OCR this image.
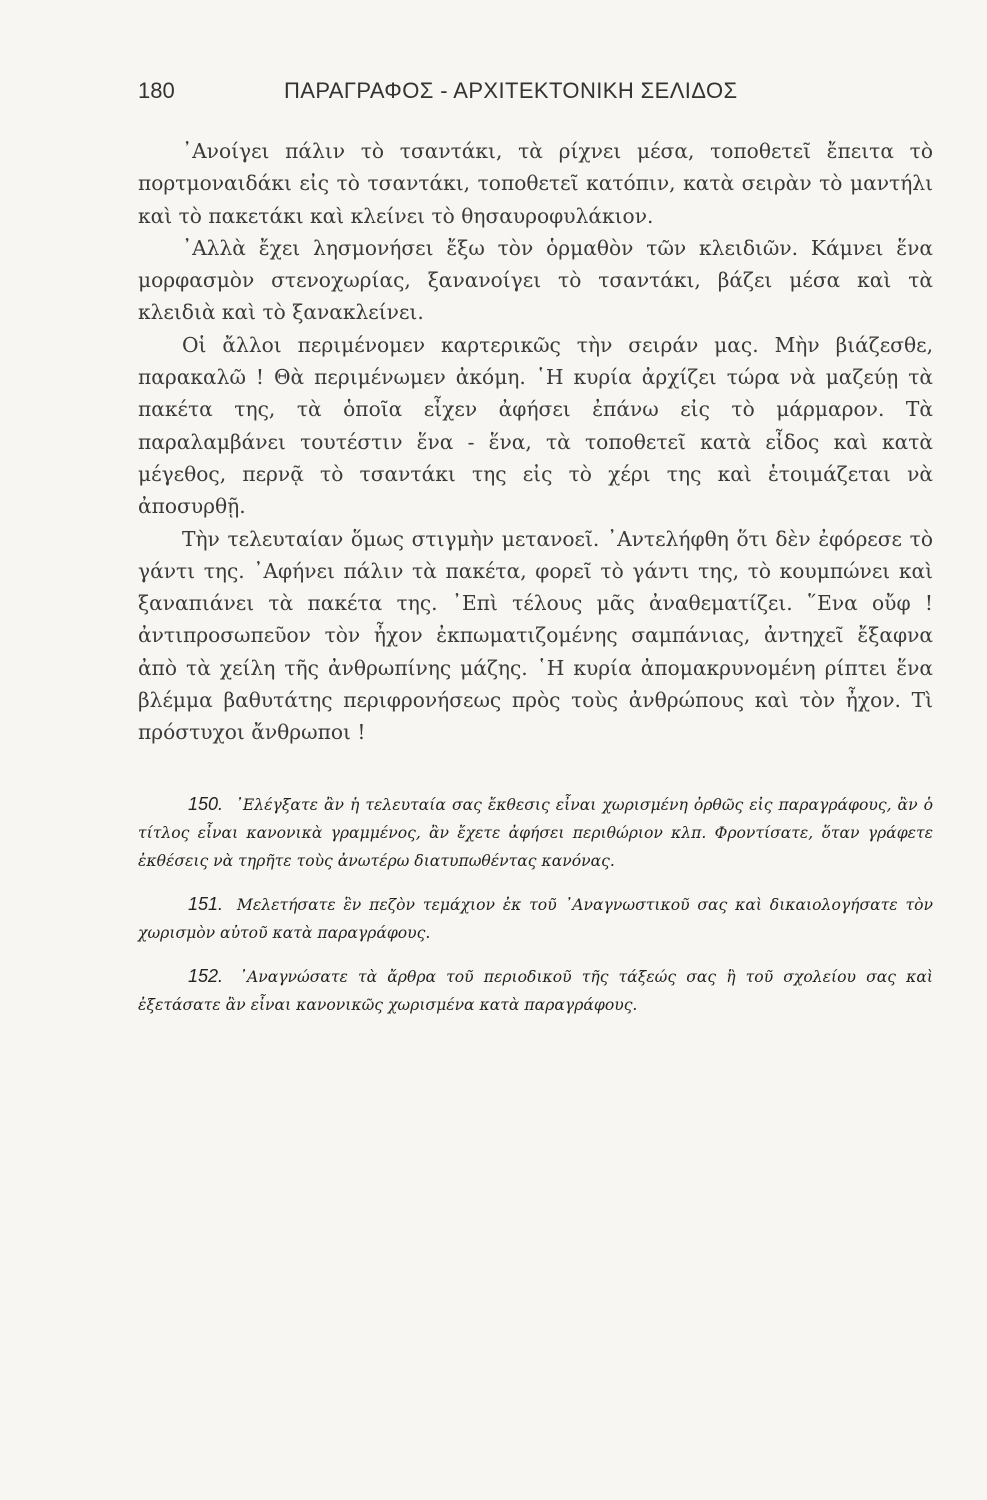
180	ΠΑΡΑΓΡΑΦΟΣ - ΑΡΧΙΤΕΚΤΟΝΙΚΗ ΣΕΛΙΔΟΣ

᾿Ανοίγει πάλιν τὸ τσαντάκι, τὰ ρίχνει μέσα, τοποθετεῖ ἔπειτα τὸ πορτμοναιδάκι εἰς τὸ τσαντάκι, τοποθετεῖ κατόπιν, κατὰ σειρὰν τὸ μαντήλι καὶ τὸ πακετάκι καὶ κλείνει τὸ θησαυροφυλάκιον.

᾿Αλλὰ ἔχει λησμονήσει ἔξω τὸν ὁρμαθὸν τῶν κλειδιῶν. Κάμνει ἕνα μορφασμὸν στενοχωρίας, ξανανοίγει τὸ τσαντάκι, βάζει μέσα καὶ τὰ κλειδιὰ καὶ τὸ ξανακλείνει.

Οἱ ἄλλοι περιμένομεν καρτερικῶς τὴν σειράν μας. Μὴν βιάζεσθε, παρακαλῶ ! Θὰ περιμένωμεν ἀκόμη. ῾Η κυρία ἀρχίζει τώρα νὰ μαζεύῃ τὰ πακέτα της, τὰ ὁποῖα εἶχεν ἀφήσει ἐπάνω εἰς τὸ μάρμαρον. Τὰ παραλαμβάνει τουτέστιν ἕνα - ἕνα, τὰ τοποθετεῖ κατὰ εἶδος καὶ κατὰ μέγεθος, περνᾷ τὸ τσαντάκι της εἰς τὸ χέρι της καὶ ἑτοιμάζεται νὰ ἀποσυρθῇ.

Τὴν τελευταίαν ὅμως στιγμὴν μετανοεῖ. ᾿Αντελήφθη ὅτι δὲν ἐφόρεσε τὸ γάντι της. ᾿Αφήνει πάλιν τὰ πακέτα, φορεῖ τὸ γάντι της, τὸ κουμπώνει καὶ ξαναπιάνει τὰ πακέτα της. ᾿Επὶ τέλους μᾶς ἀναθεματίζει. ῞Ενα οὔφ ! ἀντιπροσωπεῦον τὸν ἦχον ἐκπωματιζομένης σαμπάνιας, ἀντηχεῖ ἔξαφνα ἀπὸ τὰ χείλη τῆς ἀνθρωπίνης μάζης. ῾Η κυρία ἀπομακρυνομένη ρίπτει ἕνα βλέμμα βαθυτάτης περιφρονήσεως πρὸς τοὺς ἀνθρώπους καὶ τὸν ἦχον. Τὶ πρόστυχοι ἄνθρωποι !

150. ᾿Ελέγξατε ἂν ἡ τελευταία σας ἔκθεσις εἶναι χωρισμένη ὀρθῶς εἰς παραγράφους, ἂν ὁ τίτλος εἶναι κανονικὰ γραμμένος, ἂν ἔχετε ἀφήσει περιθώριον κλπ. Φροντίσατε, ὅταν γράφετε ἐκθέσεις νὰ τηρῆτε τοὺς ἀνωτέρω διατυπωθέντας κανόνας.

151. Μελετήσατε ἓν πεζὸν τεμάχιον ἐκ τοῦ ᾿Αναγνωστικοῦ σας καὶ δικαιολογήσατε τὸν χωρισμὸν αὐτοῦ κατὰ παραγράφους.

152. ᾿Αναγνώσατε τὰ ἄρθρα τοῦ περιοδικοῦ τῆς τάξεώς σας ἢ τοῦ σχολείου σας καὶ ἐξετάσατε ἂν εἶναι κανονικῶς χωρισμένα κατὰ παραγράφους.
